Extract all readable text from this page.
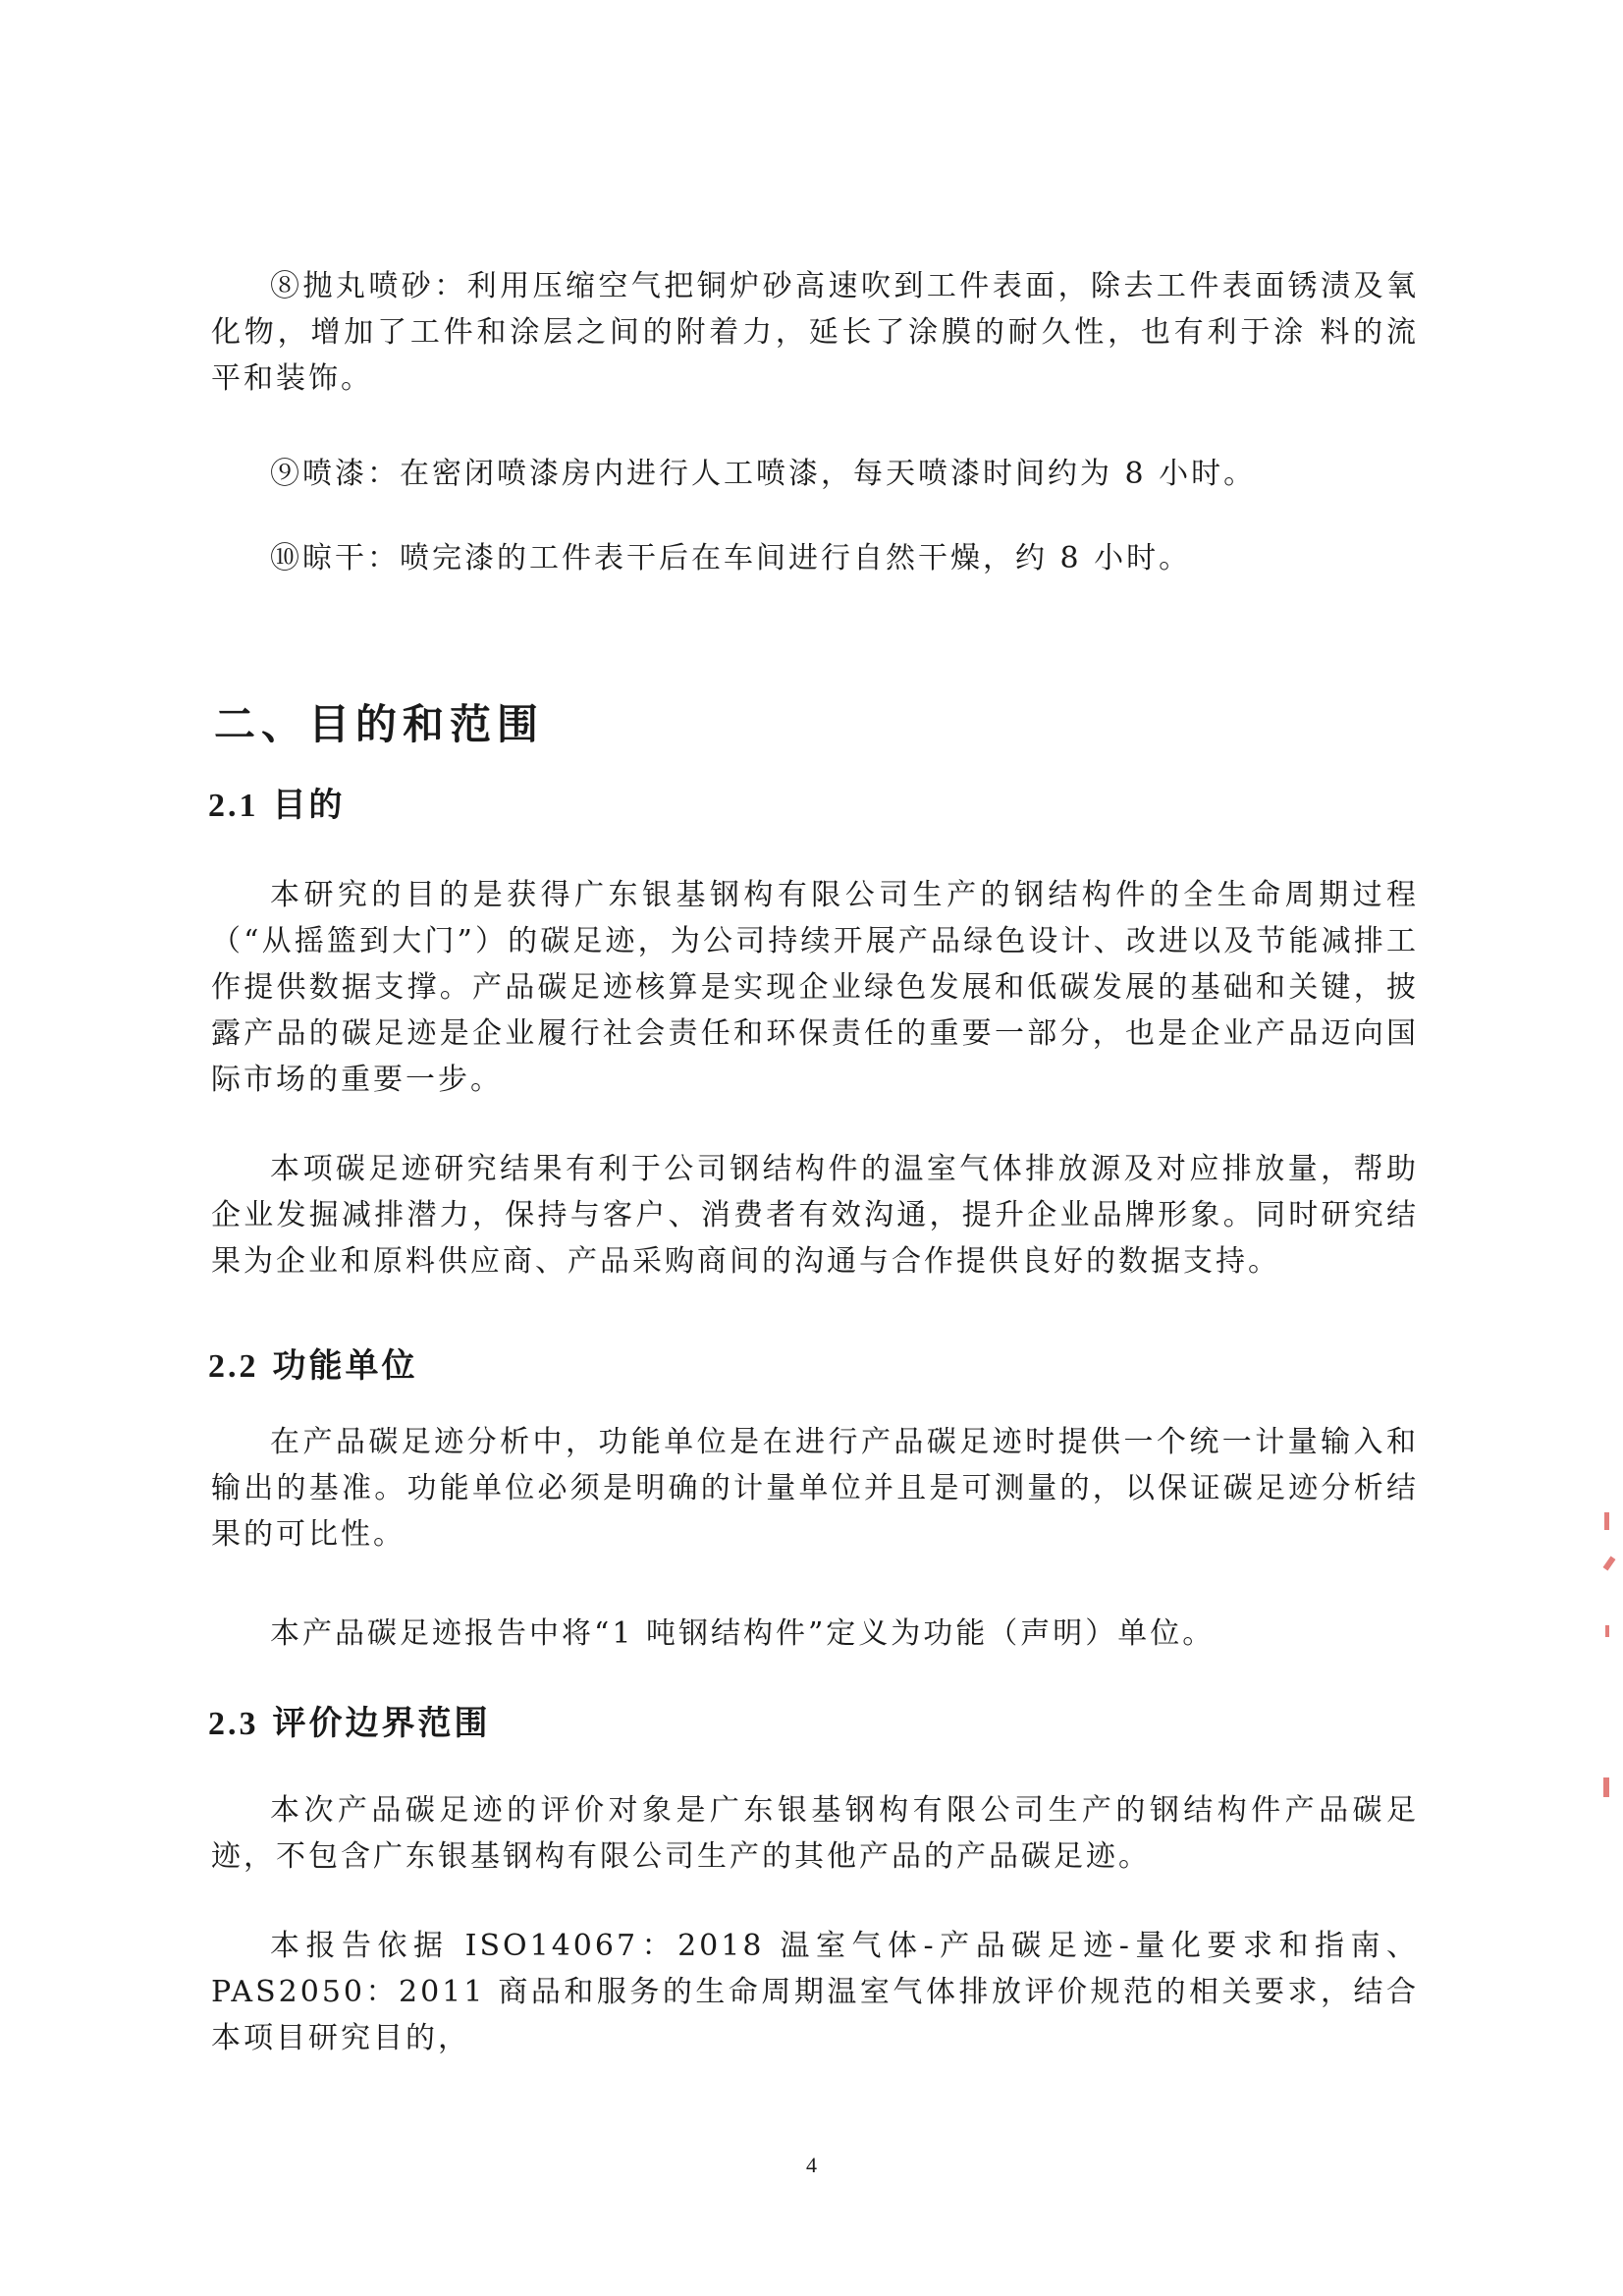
⑧抛丸喷砂：利用压缩空气把铜炉砂高速吹到工件表面，除去工件表面锈渍及氧化物，增加了工件和涂层之间的附着力，延长了涂膜的耐久性，也有利于涂 料的流平和装饰。

⑨喷漆：在密闭喷漆房内进行人工喷漆，每天喷漆时间约为 8 小时。

⑩晾干：喷完漆的工件表干后在车间进行自然干燥，约 8 小时。

二、目的和范围
2.1 目的

本研究的目的是获得广东银基钢构有限公司生产的钢结构件的全生命周期过程（“从摇篮到大门”）的碳足迹，为公司持续开展产品绿色设计、改进以及节能减排工作提供数据支撑。产品碳足迹核算是实现企业绿色发展和低碳发展的基础和关键，披露产品的碳足迹是企业履行社会责任和环保责任的重要一部分，也是企业产品迈向国际市场的重要一步。

本项碳足迹研究结果有利于公司钢结构件的温室气体排放源及对应排放量，帮助企业发掘减排潜力，保持与客户、消费者有效沟通，提升企业品牌形象。同时研究结果为企业和原料供应商、产品采购商间的沟通与合作提供良好的数据支持。

2.2 功能单位

在产品碳足迹分析中，功能单位是在进行产品碳足迹时提供一个统一计量输入和输出的基准。功能单位必须是明确的计量单位并且是可测量的，以保证碳足迹分析结果的可比性。

本产品碳足迹报告中将“1 吨钢结构件”定义为功能（声明）单位。

2.3 评价边界范围

本次产品碳足迹的评价对象是广东银基钢构有限公司生产的钢结构件产品碳足迹，不包含广东银基钢构有限公司生产的其他产品的产品碳足迹。

本报告依据 ISO14067：2018 温室气体-产品碳足迹-量化要求和指南、PAS2050：2011 商品和服务的生命周期温室气体排放评价规范的相关要求，结合本项目研究目的，

4
